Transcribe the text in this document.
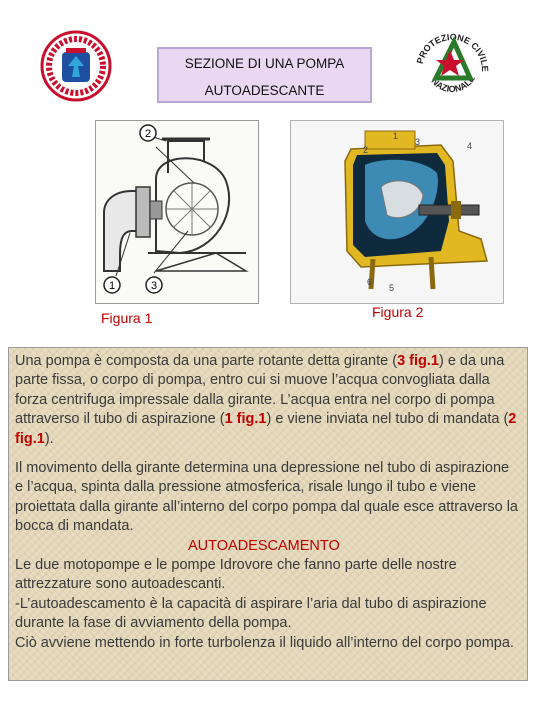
SEZIONE DI UNA POMPA
AUTOADESCANTE
PROTEZIONE CIVILE
NAZIONALE
2
1	3
1
2
3	4
6
5
Figura 1	Figura 2
Una pompa è composta da una parte rotante detta girante (3 fig.1) e da una parte fissa, o corpo di pompa, entro cui si muove l’acqua convogliata dalla forza centrifuga impressale dalla girante. L’acqua entra nel corpo di pompa attraverso il tubo di aspirazione (1 fig.1) e viene inviata nel tubo di mandata (2 fig.1).
Il movimento della girante determina una depressione nel tubo di aspirazione e l’acqua, spinta dalla pressione atmosferica, risale lungo il tubo e viene proiettata dalla girante all’interno del corpo pompa dal quale esce attraverso la bocca di mandata.
AUTOADESCAMENTO
Le due motopompe e le pompe Idrovore che fanno parte delle nostre attrezzature sono autoadescanti.
-L’autoadescamento è la capacità di aspirare l’aria dal tubo di aspirazione durante la fase di avviamento della pompa.
Ciò avviene mettendo in forte turbolenza il liquido all’interno del corpo pompa.
